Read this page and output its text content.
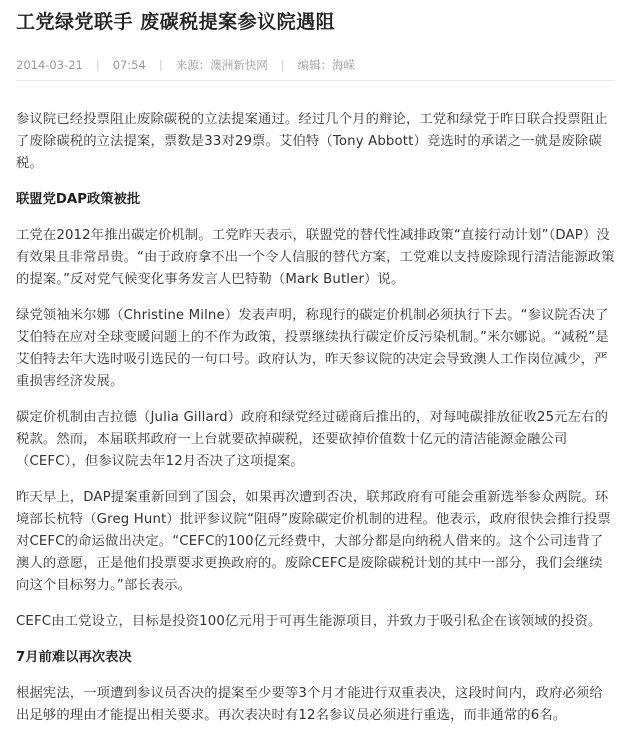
工党绿党联手 废碳税提案参议院遇阻
2014-03-21 | 07:54 | 来源：澳洲新快网 | 编辑：海嵘

参议院已经投票阻止废除碳税的立法提案通过。经过几个月的辩论，工党和绿党于昨日联合投票阻止了废除碳税的立法提案，票数是33对29票。艾伯特（Tony Abbott）竞选时的承诺之一就是废除碳税。

联盟党DAP政策被批

工党在2012年推出碳定价机制。工党昨天表示，联盟党的替代性减排政策“直接行动计划”（DAP）没有效果且非常昂贵。“由于政府拿不出一个令人信服的替代方案，工党难以支持废除现行清洁能源政策的提案。”反对党气候变化事务发言人巴特勒（Mark Butler）说。

绿党领袖米尔娜（Christine Milne）发表声明，称现行的碳定价机制必须执行下去。“参议院否决了艾伯特在应对全球变暖问题上的不作为政策，投票继续执行碳定价反污染机制。”米尔娜说。“减税”是艾伯特去年大选时吸引选民的一句口号。政府认为，昨天参议院的决定会导致澳人工作岗位减少，严重损害经济发展。

碳定价机制由吉拉德（Julia Gillard）政府和绿党经过磋商后推出的，对每吨碳排放征收25元左右的税款。然而，本届联邦政府一上台就要砍掉碳税，还要砍掉价值数十亿元的清洁能源金融公司（CEFC），但参议院去年12月否决了这项提案。

昨天早上，DAP提案重新回到了国会，如果再次遭到否决，联邦政府有可能会重新选举参众两院。环境部长杭特（Greg Hunt）批评参议院“阻碍”废除碳定价机制的进程。他表示，政府很快会推行投票对CEFC的命运做出决定。“CEFC的100亿元经费中，大部分都是向纳税人借来的。这个公司违背了澳人的意愿，正是他们投票要求更换政府的。废除CEFC是废除碳税计划的其中一部分，我们会继续向这个目标努力。”部长表示。

CEFC由工党设立，目标是投资100亿元用于可再生能源项目，并致力于吸引私企在该领域的投资。

7月前难以再次表决

根据宪法，一项遭到参议员否决的提案至少要等3个月才能进行双重表决，这段时间内，政府必须给出足够的理由才能提出相关要求。再次表决时有12名参议员必须进行重选，而非通常的6名。
